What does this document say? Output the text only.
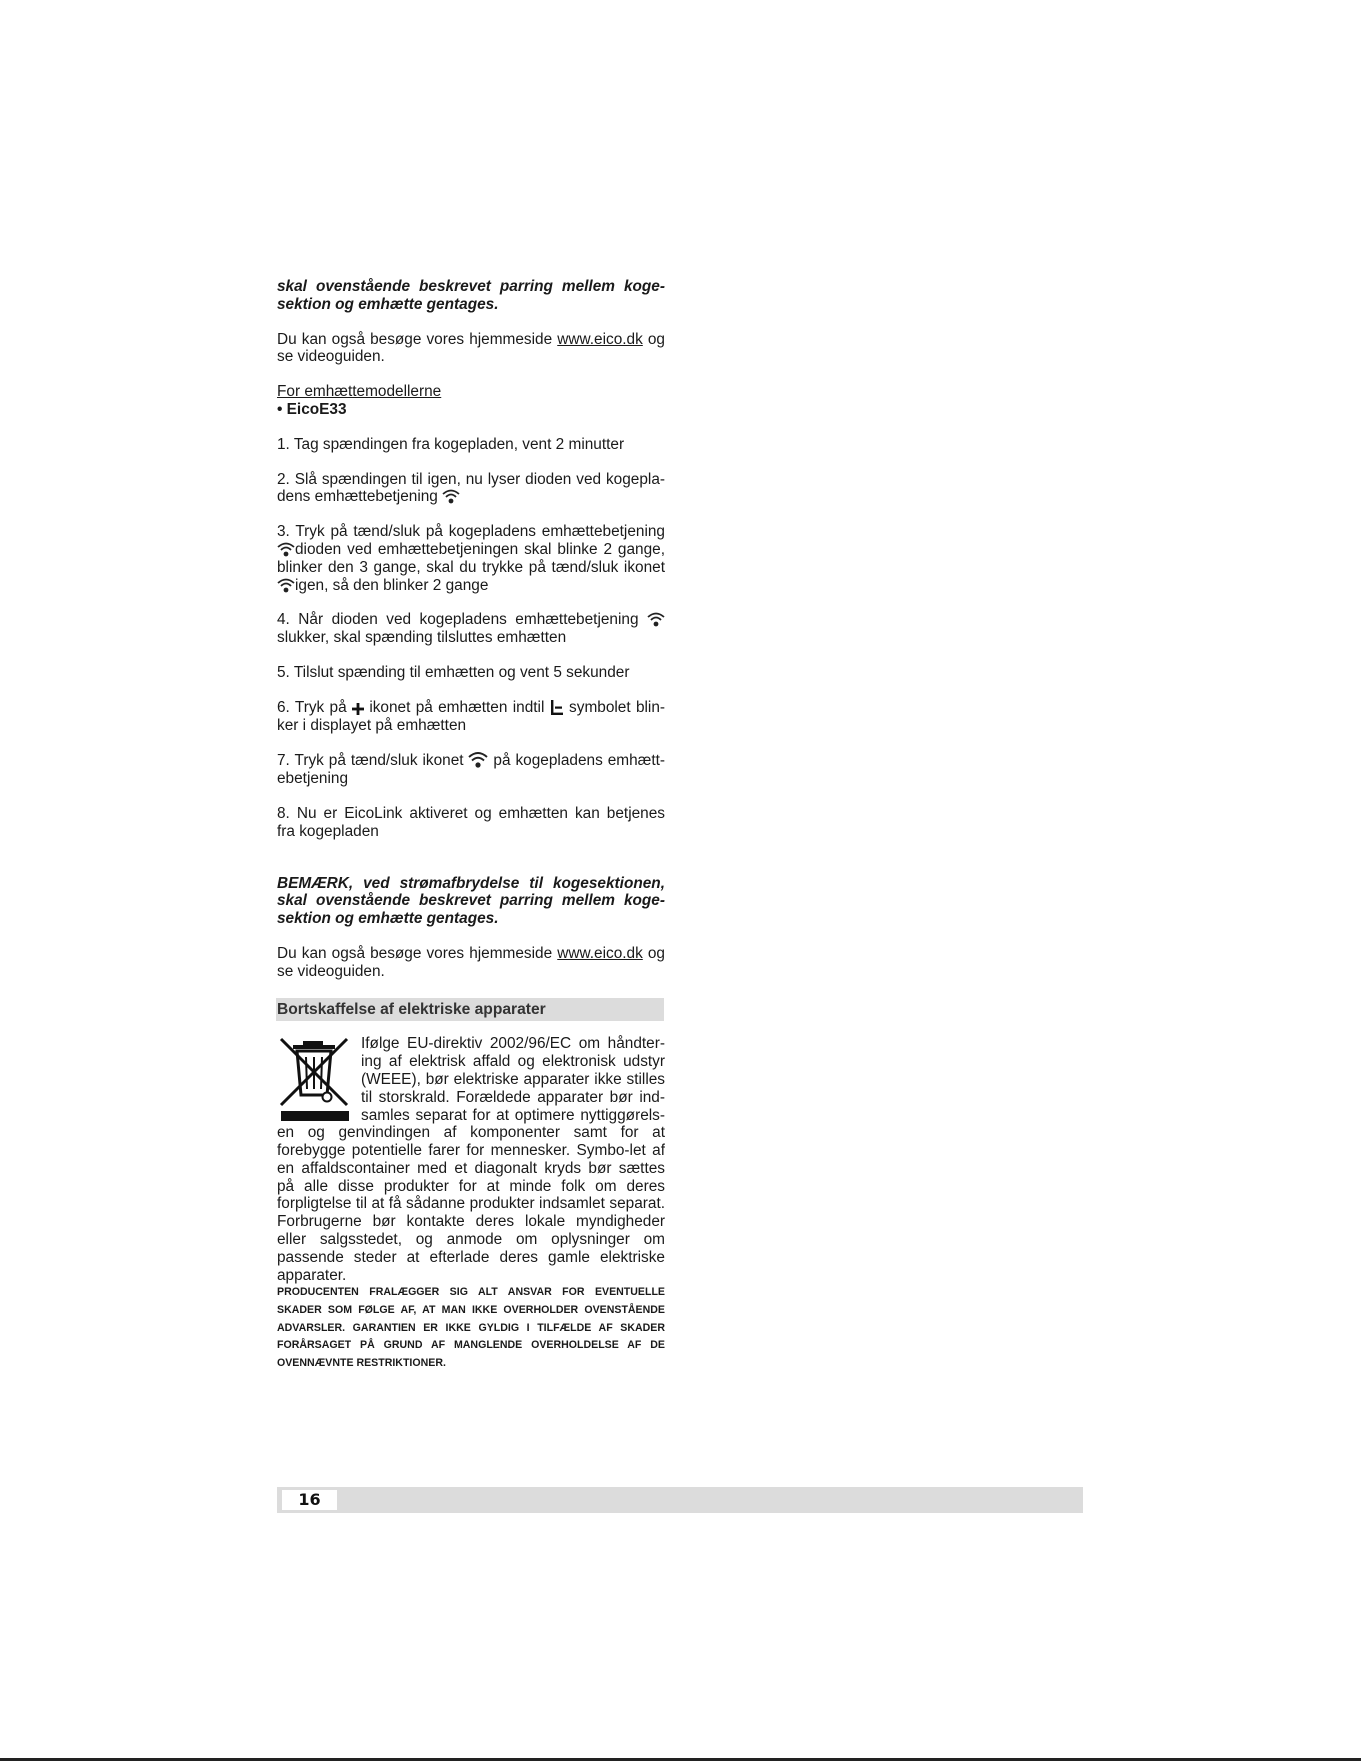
skal ovenstående beskrevet parring mellem koge-sektion og emhætte gentages.

Du kan også besøge vores hjemmeside www.eico.dk og se videoguiden.

For emhættemodellerne
• EicoE33

1. Tag spændingen fra kogepladen, vent 2 minutter

2. Slå spændingen til igen, nu lyser dioden ved kogepla-dens emhættebetjening

3. Tryk på tænd/sluk på kogepladens emhættebetjening dioden ved emhættebetjeningen skal blinke 2 gange, blinker den 3 gange, skal du trykke på tænd/sluk ikonet igen, så den blinker 2 gange

4. Når dioden ved kogepladens emhættebetjening slukker, skal spænding tilsluttes emhætten

5. Tilslut spænding til emhætten og vent 5 sekunder

6. Tryk på ikonet på emhætten indtil symbolet blin-ker i displayet på emhætten

7. Tryk på tænd/sluk ikonet på kogepladens emhætt-ebetjening

8. Nu er EicoLink aktiveret og emhætten kan betjenes fra kogepladen

BEMÆRK, ved strømafbrydelse til kogesektionen, skal ovenstående beskrevet parring mellem koge-sektion og emhætte gentages.

Du kan også besøge vores hjemmeside www.eico.dk og se videoguiden.

Bortskaffelse af elektriske apparater

Ifølge EU-direktiv 2002/96/EC om håndter-ing af elektrisk affald og elektronisk udstyr (WEEE), bør elektriske apparater ikke stilles til storskrald. Forældede apparater bør ind-samles separat for at optimere nyttiggørels-en og genvindingen af komponenter samt for at forebygge potentielle farer for mennesker. Symbo-let af en affaldscontainer med et diagonalt kryds bør sættes på alle disse produkter for at minde folk om deres forpligtelse til at få sådanne produkter indsamlet separat. Forbrugerne bør kontakte deres lokale myndigheder eller salgsstedet, og anmode om oplysninger om passende steder at efterlade deres gamle elektriske apparater.

PRODUCENTEN FRALÆGGER SIG ALT ANSVAR FOR EVENTUELLE SKADER SOM FØLGE AF, AT MAN IKKE OVERHOLDER OVENSTÅENDE ADVARSLER. GARANTIEN ER IKKE GYLDIG I TILFÆLDE AF SKADER FORÅRSAGET PÅ GRUND AF MANGLENDE OVERHOLDELSE AF DE OVENNÆVNTE RESTRIKTIONER.

16
